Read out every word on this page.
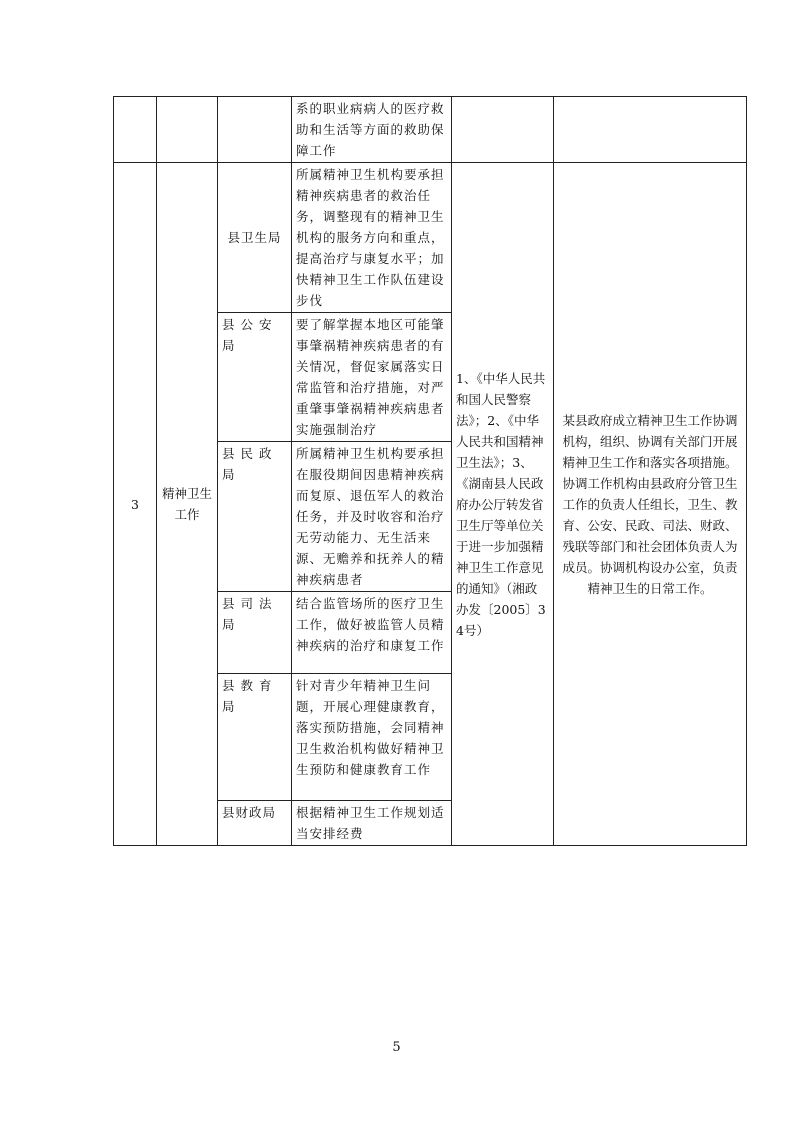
			系的职业病病人的医疗救助和生活等方面的救助保障工作		
3	精神卫生工作	县卫生局	所属精神卫生机构要承担精神疾病患者的救治任务，调整现有的精神卫生机构的服务方向和重点，提高治疗与康复水平；加快精神卫生工作队伍建设步伐	1、《中华人民共和国人民警察法》；2、《中华人民共和国精神卫生法》；3、《湖南县人民政府办公厅转发省卫生厅等单位关于进一步加强精神卫生工作意见的通知》（湘政办发〔2005〕34号）	某县政府成立精神卫生工作协调机构，组织、协调有关部门开展精神卫生工作和落实各项措施。协调工作机构由县政府分管卫生工作的负责人任组长，卫生、教育、公安、民政、司法、财政、残联等部门和社会团体负责人为成员。协调机构设办公室，负责精神卫生的日常工作。
		县公安局	要了解掌握本地区可能肇事肇祸精神疾病患者的有关情况，督促家属落实日常监管和治疗措施，对严重肇事肇祸精神疾病患者实施强制治疗		
		县民政局	所属精神卫生机构要承担在服役期间因患精神疾病而复原、退伍军人的救治任务，并及时收容和治疗无劳动能力、无生活来源、无赡养和抚养人的精神疾病患者		
		县司法局	结合监管场所的医疗卫生工作，做好被监管人员精神疾病的治疗和康复工作		
		县教育局	针对青少年精神卫生问题，开展心理健康教育，落实预防措施，会同精神卫生救治机构做好精神卫生预防和健康教育工作		
		县财政局	根据精神卫生工作规划适当安排经费		
5
